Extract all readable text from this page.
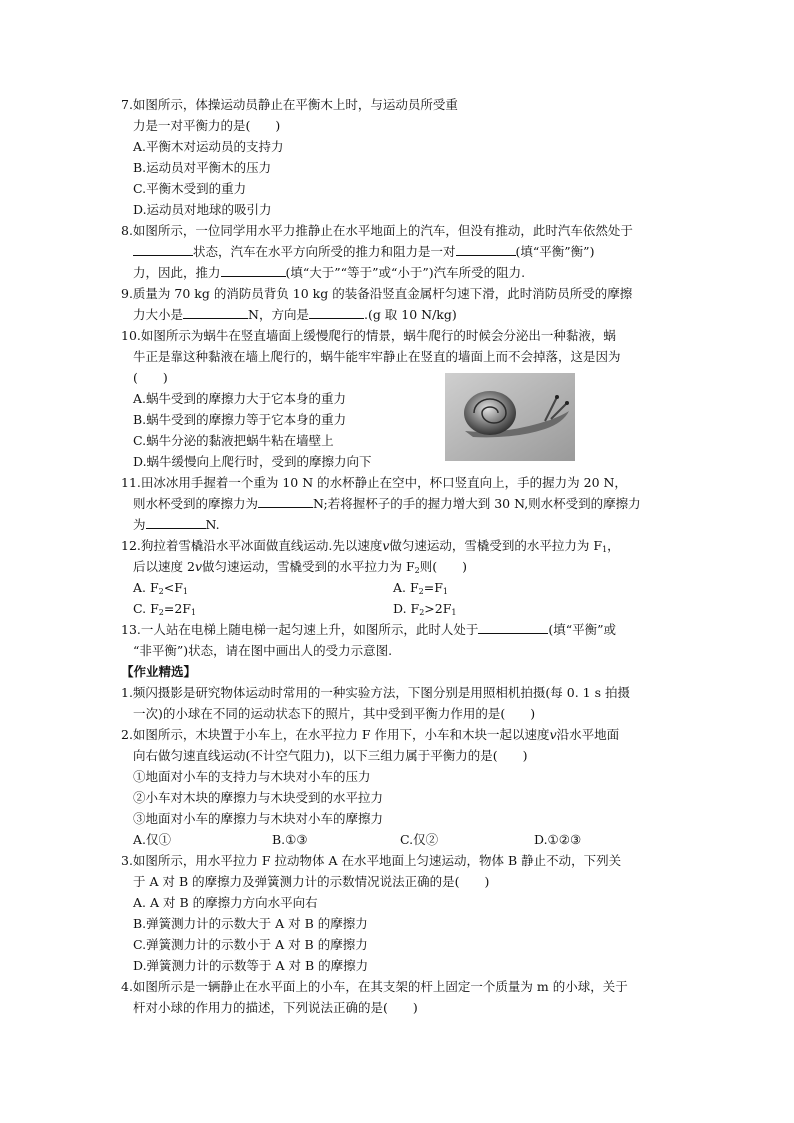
7.如图所示，体操运动员静止在平衡木上时，与运动员所受重
力是一对平衡力的是(　　)
A.平衡木对运动员的支持力
B.运动员对平衡木的压力
C.平衡木受到的重力
D.运动员对地球的吸引力
8.如图所示，一位同学用水平力推静止在水平地面上的汽车，但没有推动，此时汽车依然处于
状态，汽车在水平方向所受的推力和阻力是一对	(填“平衡”衡”)
力，因此，推力	(填“大于”“等于”或“小于”)汽车所受的阻力.
9.质量为 70 kg 的消防员背负 10 kg 的装备沿竖直金属杆匀速下滑，此时消防员所受的摩擦
力大小是	N，方向是	.(g 取 10 N/kg)
10.如图所示为蜗牛在竖直墙面上缓慢爬行的情景，蜗牛爬行的时候会分泌出一种黏液，蜗
牛正是靠这种黏液在墙上爬行的，蜗牛能牢牢静止在竖直的墙面上而不会掉落，这是因为
(　　)
A.蜗牛受到的摩擦力大于它本身的重力
B.蜗牛受到的摩擦力等于它本身的重力
C.蜗牛分泌的黏液把蜗牛粘在墙壁上
D.蜗牛缓慢向上爬行时，受到的摩擦力向下
11.田冰冰用手握着一个重为 10 N 的水杯静止在空中，杯口竖直向上，手的握力为 20 N，
则水杯受到的摩擦力为	N;若将握杯子的手的握力增大到 30 N,则水杯受到的摩擦力
为	N.
12.狗拉着雪橇沿水平冰面做直线运动.先以速度v做匀速运动，雪橇受到的水平拉力为 $F_1$，
后以速度 2v做匀速运动，雪橇受到的水平拉力为 $F_2$则(　　)
A. $F_2<F_1$	A. $F_2=F_1$
C. $F_2=2F_1$	D. $F_2>2F_1$
13.一人站在电梯上随电梯一起匀速上升，如图所示，此时人处于	(填“平衡”或
“非平衡”)状态，请在图中画出人的受力示意图.
【作业精选】
1.频闪摄影是研究物体运动时常用的一种实验方法，下图分别是用照相机拍摄(每 0. 1 s 拍摄
一次)的小球在不同的运动状态下的照片，其中受到平衡力作用的是(　　)
2.如图所示，木块置于小车上，在水平拉力 F 作用下，小车和木块一起以速度v沿水平地面
向右做匀速直线运动(不计空气阻力)，以下三组力属于平衡力的是(　　)
①地面对小车的支持力与木块对小车的压力
②小车对木块的摩擦力与木块受到的水平拉力
③地面对小车的摩擦力与木块对小车的摩擦力
A.仅①	B.①③	C.仅②	D.①②③
3.如图所示，用水平拉力 F 拉动物体 A 在水平地面上匀速运动，物体 B 静止不动，下列关
于 A 对 B 的摩擦力及弹簧测力计的示数情况说法正确的是(　　)
A. A 对 B 的摩擦力方向水平向右
B.弹簧测力计的示数大于 A 对 B 的摩擦力
C.弹簧测力计的示数小于 A 对 B 的摩擦力
D.弹簧测力计的示数等于 A 对 B 的摩擦力
4.如图所示是一辆静止在水平面上的小车，在其支架的杆上固定一个质量为 m 的小球，关于
杆对小球的作用力的描述，下列说法正确的是(　　)
